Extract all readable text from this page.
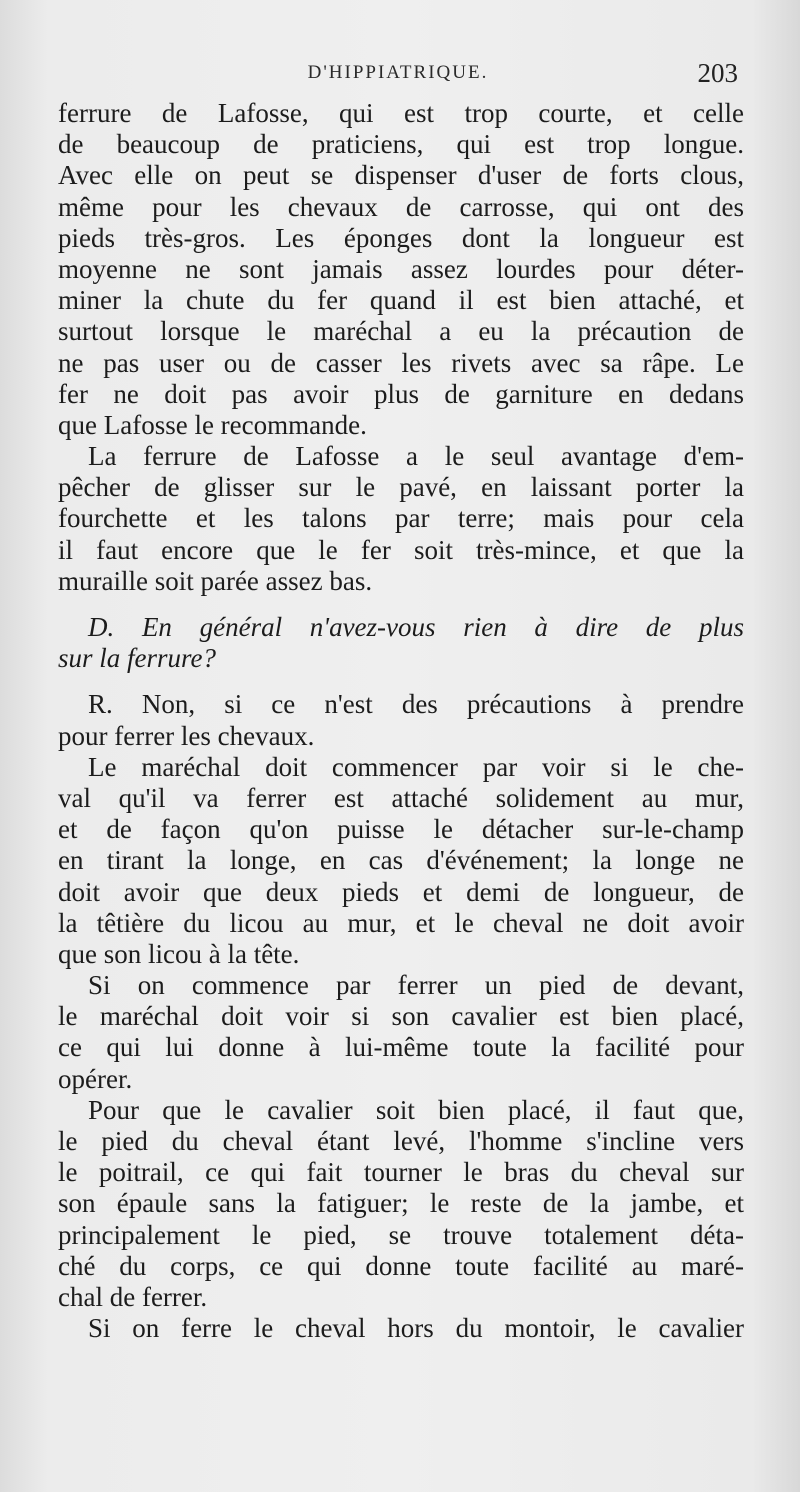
D'HIPPIATRIQUE.	203
ferrure de Lafosse, qui est trop courte, et celle
de beaucoup de praticiens, qui est trop longue.
Avec elle on peut se dispenser d'user de forts clous,
même pour les chevaux de carrosse, qui ont des
pieds très-gros. Les éponges dont la longueur est
moyenne ne sont jamais assez lourdes pour déter-
miner la chute du fer quand il est bien attaché, et
surtout lorsque le maréchal a eu la précaution de
ne pas user ou de casser les rivets avec sa râpe. Le
fer ne doit pas avoir plus de garniture en dedans
que Lafosse le recommande.
La ferrure de Lafosse a le seul avantage d'em-
pêcher de glisser sur le pavé, en laissant porter la
fourchette et les talons par terre; mais pour cela
il faut encore que le fer soit très-mince, et que la
muraille soit parée assez bas.
D. En général n'avez-vous rien à dire de plus
sur la ferrure?
R. Non, si ce n'est des précautions à prendre
pour ferrer les chevaux.
Le maréchal doit commencer par voir si le che-
val qu'il va ferrer est attaché solidement au mur,
et de façon qu'on puisse le détacher sur-le-champ
en tirant la longe, en cas d'événement; la longe ne
doit avoir que deux pieds et demi de longueur, de
la têtière du licou au mur, et le cheval ne doit avoir
que son licou à la tête.
Si on commence par ferrer un pied de devant,
le maréchal doit voir si son cavalier est bien placé,
ce qui lui donne à lui-même toute la facilité pour
opérer.
Pour que le cavalier soit bien placé, il faut que,
le pied du cheval étant levé, l'homme s'incline vers
le poitrail, ce qui fait tourner le bras du cheval sur
son épaule sans la fatiguer; le reste de la jambe, et
principalement le pied, se trouve totalement déta-
ché du corps, ce qui donne toute facilité au maré-
chal de ferrer.
Si on ferre le cheval hors du montoir, le cavalier
